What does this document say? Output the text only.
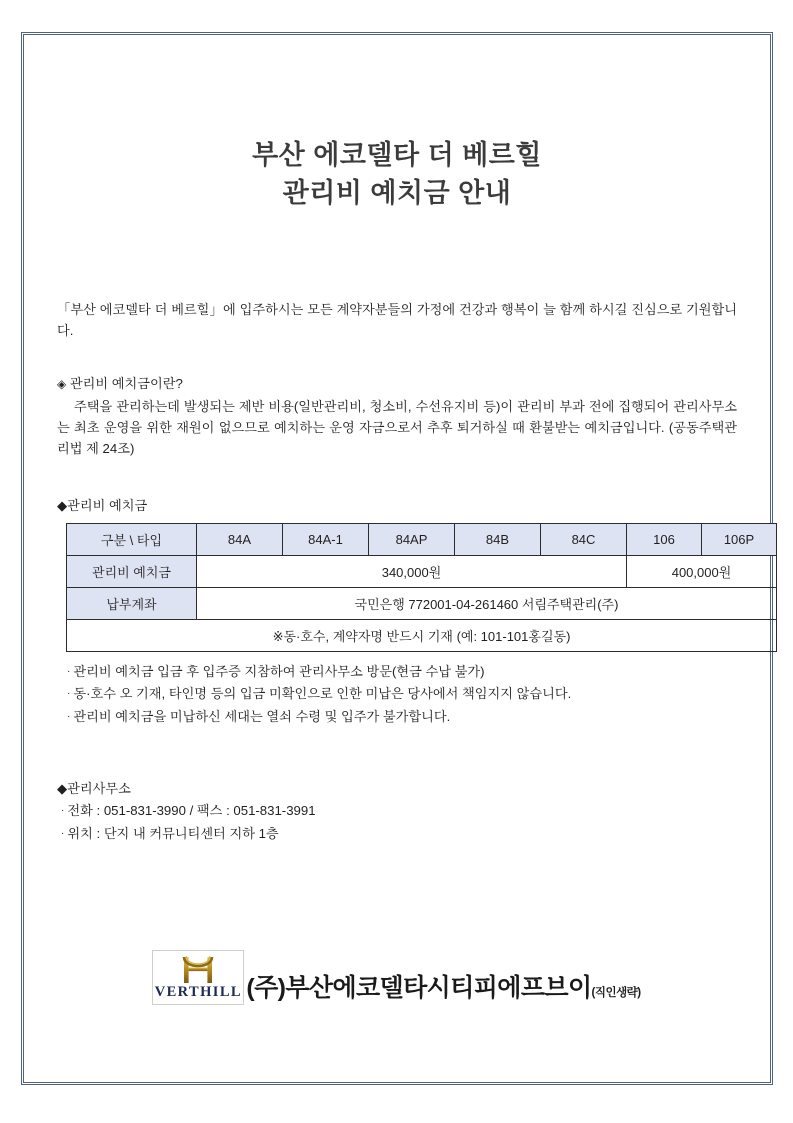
부산 에코델타 더 베르힐
관리비 예치금 안내

「부산 에코델타 더 베르힐」에 입주하시는 모든 계약자분들의 가정에 건강과 행복이 늘 함께 하시길 진심으로 기원합니다.

◈ 관리비 예치금이란?

주택을 관리하는데 발생되는 제반 비용(일반관리비, 청소비, 수선유지비 등)이 관리비 부과 전에 집행되어 관리사무소는 최초 운영을 위한 재원이 없으므로 예치하는 운영 자금으로서 추후 퇴거하실 때 환불받는 예치금입니다. (공동주택관리법 제 24조)

◆관리비 예치금

구분 \ 타입	84A	84A-1	84AP	84B	84C	106	106P
관리비 예치금	340,000원					400,000원	
납부계좌	국민은행 772001-04-261460 서림주택관리(주)						
※동·호수, 계약자명 반드시 기재 (예: 101-101홍길동)							
· 관리비 예치금 입금 후 입주증 지참하여 관리사무소 방문(현금 수납 불가)
· 동·호수 오 기재, 타인명 등의 입금 미확인으로 인한 미납은 당사에서 책임지지 않습니다.
· 관리비 예치금을 미납하신 세대는 열쇠 수령 및 입주가 불가합니다.

◆관리사무소

· 전화 : 051-831-3990 / 팩스 : 051-831-3991
· 위치 : 단지 내 커뮤니티센터 지하 1층
VERTHILL (주)부산에코델타시티피에프브이(직인생략)
